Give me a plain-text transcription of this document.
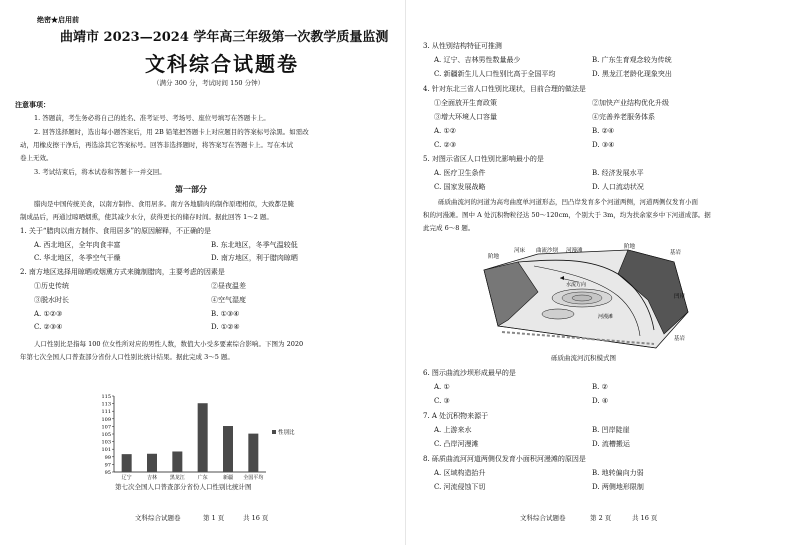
绝密★启用前
曲靖市 2023—2024 学年高三年级第一次教学质量监测
文科综合试题卷
（满分 300 分，考试时间 150 分钟）
注意事项：
1. 答题前，考生务必将自己的姓名、准考证号、考场号、座位号填写在答题卡上。
2. 回答选择题时，选出每小题答案后，用 2B 铅笔把答题卡上对应题目的答案标号涂黑。如需改
动，用橡皮擦干净后，再选涂其它答案标号。回答非选择题时，将答案写在答题卡上。写在本试
卷上无效。
3. 考试结束后，将本试卷和答题卡一并交回。
第一部分
腊肉是中国传统美食，以南方制作、食用居多。南方各地腊肉的制作原理相似，大致都是腌
制成品后，再通过晾晒烟熏，使其减少水分，获得更长的储存时间。据此回答 1～2 题。
1. 关于“腊肉以南方制作、食用居多”的原因解释，不正确的是
A. 西北地区，全年肉食丰富	B. 东北地区，冬季气温较低
C. 华北地区，冬季空气干燥	D. 南方地区，利于腊肉晾晒
2. 南方地区选择用晾晒或烟熏方式来腌制腊肉，主要考虑的因素是
①历史传统	②昼夜温差
③脱水时长	④空气湿度
A. ①②③	B. ①③④
C. ②③④	D. ①②④
人口性别比是指每 100 位女性所对应的男性人数，数值大小受多要素综合影响。下图为 2020
年第七次全国人口普查部分省份人口性别比统计结果。据此完成 3～5 题。
95
97
99
101
103
105
107
109
111
113
115
辽宁	吉林	黑龙江	广东	新疆 全国平均
性别比
第七次全国人口普查部分省份人口性别比统计图
文科综合试题卷	第 1 页	共 16 页
3. 从性别结构特征可推测
A. 辽宁、吉林男性数量最少	B. 广东生育观念较为传统
C. 新疆新生儿人口性别比高于全国平均	D. 黑龙江老龄化现象突出
4. 针对东北三省人口性别比现状，目前合理的做法是
①全面放开生育政策	②加快产业结构优化升级
③增大环境人口容量	④完善养老服务体系
A. ①②	B. ②④
C. ②③	D. ③④
5. 对图示省区人口性别比影响最小的是
A. 医疗卫生条件	B. 经济发展水平
C. 国家发展战略	D. 人口流动状况
砾质曲流河的河道为高弯曲度单河道形态，凹凸岸发育多个河道两侧，河道两侧仅发育小面
积的河漫滩。图中 A 处沉积物粒径达 50～120cm，个别大于 3m，均为扶余家乡中下河道成部。据
此完成 6～8 题。
阶地
河床 曲流沙坝 河漫滩
阶地
基岩
水流方向
河漫滩
凹岸
基岩
砾质曲流河沉积模式图
6. 图示曲流沙坝形成最早的是
A. ①	B. ②
C. ③	D. ④
7. A 处沉积物来源于
A. 上游来水	B. 凹岸陡崖
C. 凸岸河漫滩	D. 流槽搬运
8. 砾质曲流河河道两侧仅发育小面积河漫滩的原因是
A. 区域构造抬升	B. 地转偏向力弱
C. 河流侵蚀下切	D. 两侧地形限制
文科综合试题卷	第 2 页	共 16 页
